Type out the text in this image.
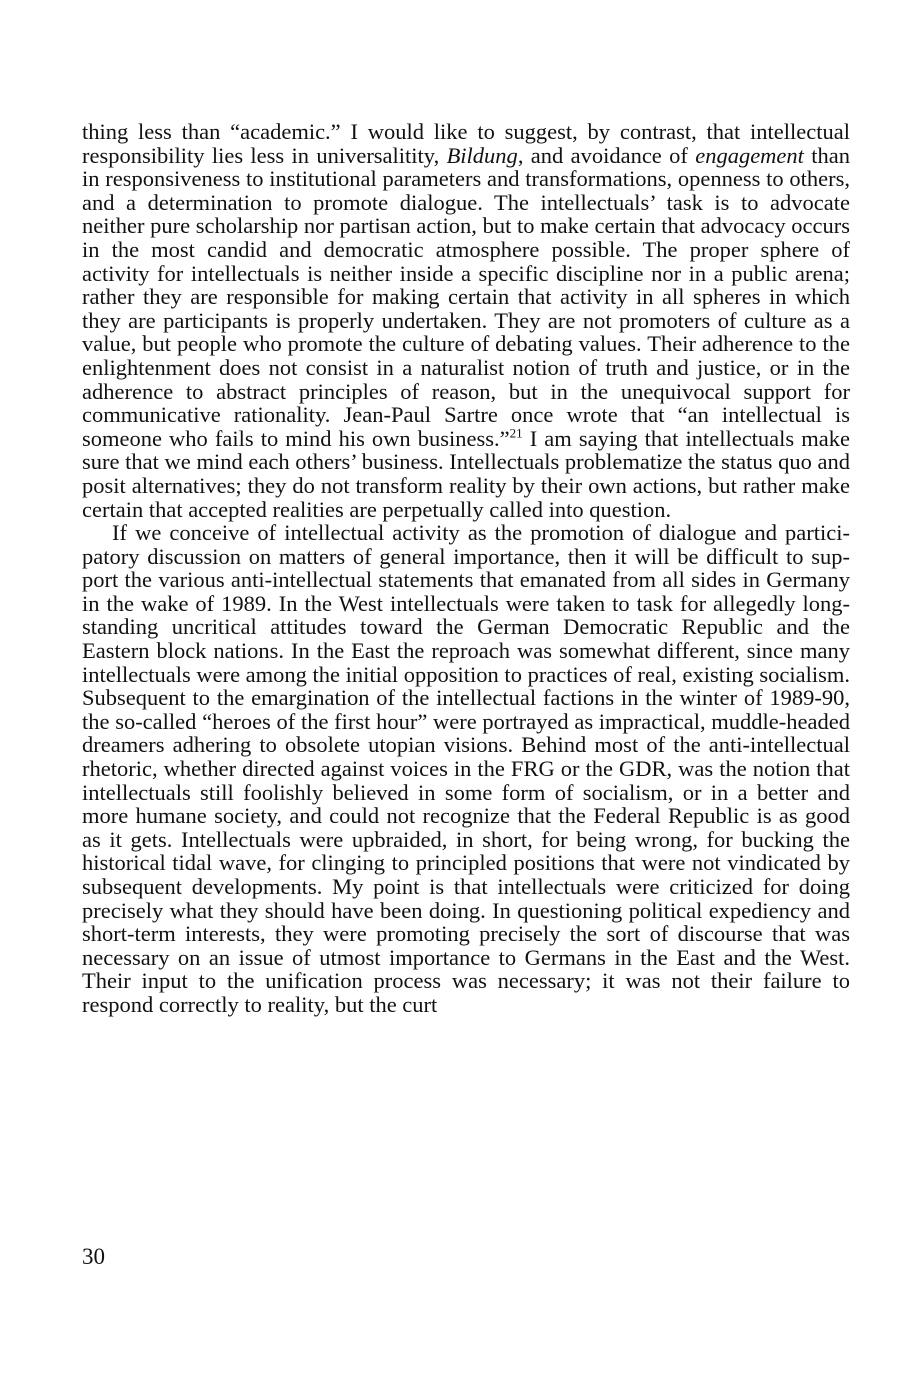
thing less than “academic.” I would like to suggest, by contrast, that intellectual responsibility lies less in universalitity, Bildung, and avoidance of engagement than in responsiveness to institutional parameters and transformations, openness to others, and a determination to promote dialogue. The intellectuals’ task is to advocate neither pure scholarship nor partisan action, but to make certain that advocacy occurs in the most candid and democratic atmosphere possible. The proper sphere of activity for intellectuals is neither inside a specific discipline nor in a public arena; rather they are responsible for making certain that activity in all spheres in which they are participants is properly undertaken. They are not promoters of culture as a value, but people who promote the culture of debating values. Their adherence to the enlightenment does not consist in a naturalist notion of truth and justice, or in the adherence to abstract principles of reason, but in the unequivocal support for communicative rationality. Jean-Paul Sartre once wrote that “an intellectual is someone who fails to mind his own business.”$^{21}$ I am saying that intellectuals make sure that we mind each others’ business. Intellectuals problematize the status quo and posit alternatives; they do not transform reality by their own actions, but rather make certain that accepted realities are perpetually called into question.

If we conceive of intellectual activity as the promotion of dialogue and participatory discussion on matters of general importance, then it will be difficult to support the various anti-intellectual statements that emanated from all sides in Germany in the wake of 1989. In the West intellectuals were taken to task for allegedly long-standing uncritical attitudes toward the German Democratic Republic and the Eastern block nations. In the East the reproach was somewhat different, since many intellectuals were among the initial opposition to practices of real, existing socialism. Subsequent to the emargination of the intellectual factions in the winter of 1989-90, the so-called “heroes of the first hour” were portrayed as impractical, muddle-headed dreamers adhering to obsolete utopian visions. Behind most of the anti-intellectual rhetoric, whether directed against voices in the FRG or the GDR, was the notion that intellectuals still foolishly believed in some form of socialism, or in a better and more humane society, and could not recognize that the Federal Republic is as good as it gets. Intellectuals were upbraided, in short, for being wrong, for bucking the historical tidal wave, for clinging to principled positions that were not vindicated by subsequent developments. My point is that intellectuals were criticized for doing precisely what they should have been doing. In questioning political expediency and short-term interests, they were promoting precisely the sort of discourse that was necessary on an issue of utmost importance to Germans in the East and the West. Their input to the unification process was necessary; it was not their failure to respond correctly to reality, but the curt

30
